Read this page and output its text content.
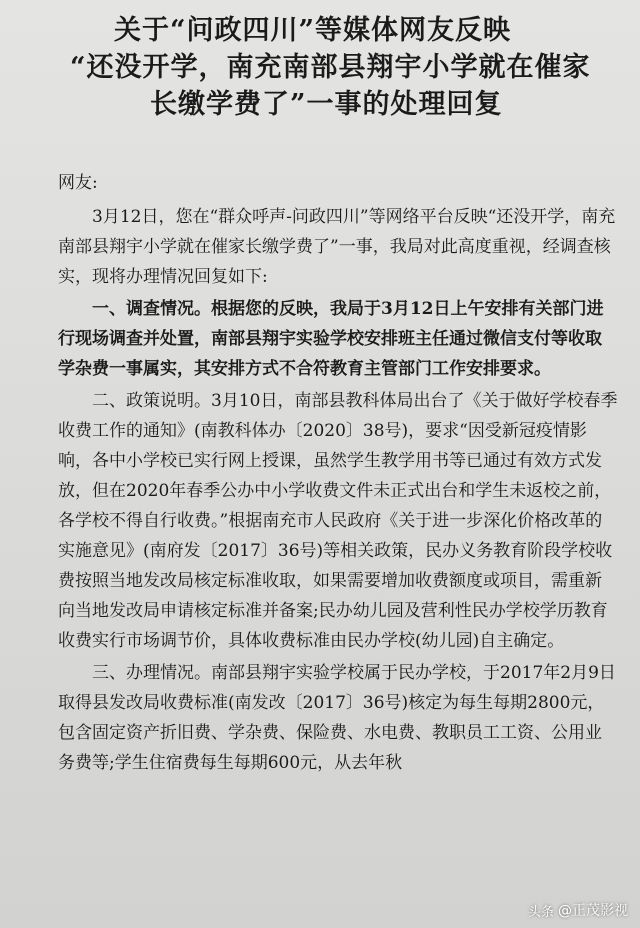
关于“问政四川”等媒体网友反映
“还没开学，南充南部县翔宇小学就在催家
长缴学费了”一事的处理回复

网友:

3月12日，您在“群众呼声-问政四川”等网络平台反映“还没开学，南充南部县翔宇小学就在催家长缴学费了”一事，我局对此高度重视，经调查核实，现将办理情况回复如下:

一、调查情况。根据您的反映，我局于3月12日上午安排有关部门进行现场调查并处置，南部县翔宇实验学校安排班主任通过微信支付等收取学杂费一事属实，其安排方式不合符教育主管部门工作安排要求。

二、政策说明。3月10日，南部县教科体局出台了《关于做好学校春季收费工作的通知》(南教科体办〔2020〕38号)，要求“因受新冠疫情影响，各中小学校已实行网上授课，虽然学生教学用书等已通过有效方式发放，但在2020年春季公办中小学收费文件未正式出台和学生未返校之前，各学校不得自行收费。”根据南充市人民政府《关于进一步深化价格改革的实施意见》(南府发〔2017〕36号)等相关政策，民办义务教育阶段学校收费按照当地发改局核定标准收取，如果需要增加收费额度或项目，需重新向当地发改局申请核定标准并备案;民办幼儿园及营利性民办学校学历教育收费实行市场调节价，具体收费标准由民办学校(幼儿园)自主确定。

三、办理情况。南部县翔宇实验学校属于民办学校，于2017年2月9日取得县发改局收费标准(南发改〔2017〕36号)核定为每生每期2800元，包含固定资产折旧费、学杂费、保险费、水电费、教职员工工资、公用业务费等;学生住宿费每生每期600元，从去年秋

头条 @正茂影视
